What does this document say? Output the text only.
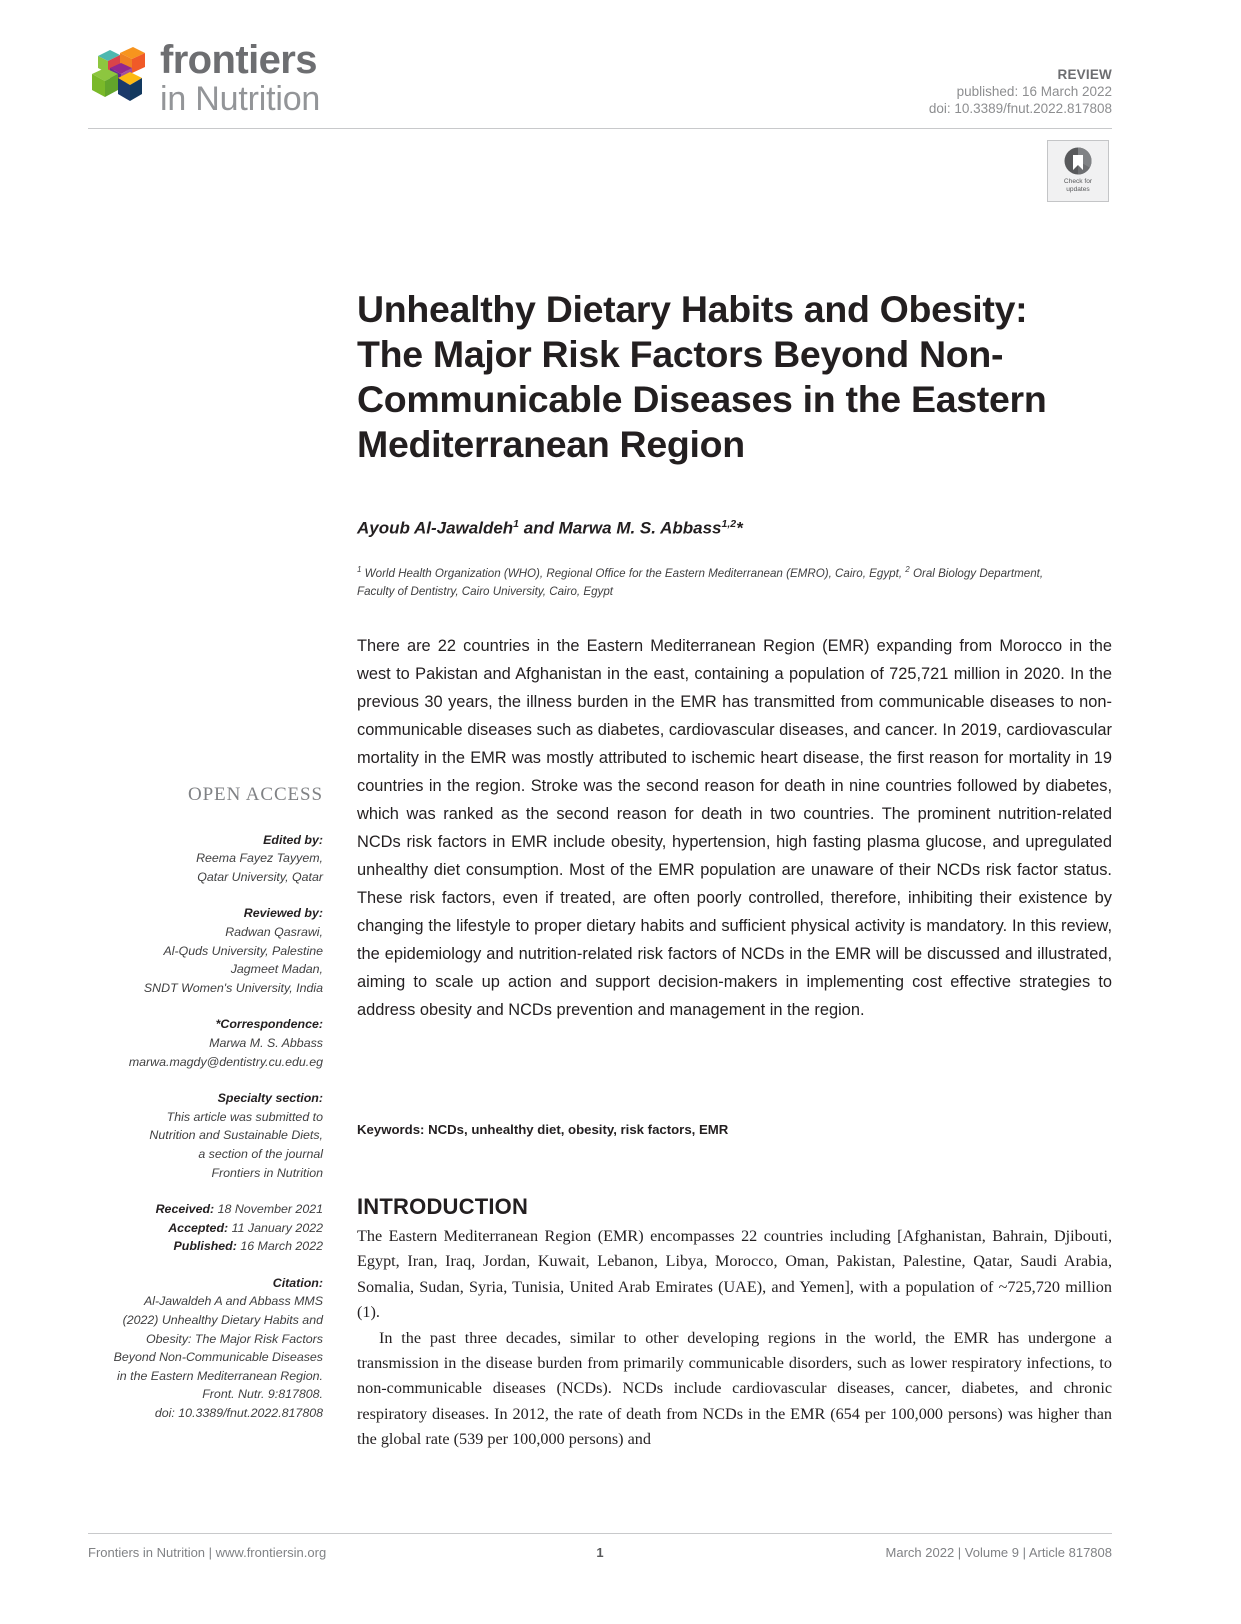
frontiers
in Nutrition
REVIEW
published: 16 March 2022
doi: 10.3389/fnut.2022.817808
Check for
updates
Unhealthy Dietary Habits and Obesity: The Major Risk Factors Beyond Non-Communicable Diseases in the Eastern Mediterranean Region
Ayoub Al-Jawaldeh$^1$ and Marwa M. S. Abbass$^{1,2}$*
$^1$ World Health Organization (WHO), Regional Office for the Eastern Mediterranean (EMRO), Cairo, Egypt, $^2$ Oral Biology Department, Faculty of Dentistry, Cairo University, Cairo, Egypt
OPEN ACCESS
Edited by:
Reema Fayez Tayyem,
Qatar University, Qatar
Reviewed by:
Radwan Qasrawi,
Al-Quds University, Palestine
Jagmeet Madan,
SNDT Women's University, India
*Correspondence:
Marwa M. S. Abbass
marwa.magdy@dentistry.cu.edu.eg
Specialty section:
This article was submitted to
Nutrition and Sustainable Diets,
a section of the journal
Frontiers in Nutrition
Received: 18 November 2021
Accepted: 11 January 2022
Published: 16 March 2022
Citation:
Al-Jawaldeh A and Abbass MMS
(2022) Unhealthy Dietary Habits and
Obesity: The Major Risk Factors
Beyond Non-Communicable Diseases
in the Eastern Mediterranean Region.
Front. Nutr. 9:817808.
doi: 10.3389/fnut.2022.817808
There are 22 countries in the Eastern Mediterranean Region (EMR) expanding from Morocco in the west to Pakistan and Afghanistan in the east, containing a population of 725,721 million in 2020. In the previous 30 years, the illness burden in the EMR has transmitted from communicable diseases to non-communicable diseases such as diabetes, cardiovascular diseases, and cancer. In 2019, cardiovascular mortality in the EMR was mostly attributed to ischemic heart disease, the first reason for mortality in 19 countries in the region. Stroke was the second reason for death in nine countries followed by diabetes, which was ranked as the second reason for death in two countries. The prominent nutrition-related NCDs risk factors in EMR include obesity, hypertension, high fasting plasma glucose, and upregulated unhealthy diet consumption. Most of the EMR population are unaware of their NCDs risk factor status. These risk factors, even if treated, are often poorly controlled, therefore, inhibiting their existence by changing the lifestyle to proper dietary habits and sufficient physical activity is mandatory. In this review, the epidemiology and nutrition-related risk factors of NCDs in the EMR will be discussed and illustrated, aiming to scale up action and support decision-makers in implementing cost effective strategies to address obesity and NCDs prevention and management in the region.
Keywords: NCDs, unhealthy diet, obesity, risk factors, EMR
INTRODUCTION

The Eastern Mediterranean Region (EMR) encompasses 22 countries including [Afghanistan, Bahrain, Djibouti, Egypt, Iran, Iraq, Jordan, Kuwait, Lebanon, Libya, Morocco, Oman, Pakistan, Palestine, Qatar, Saudi Arabia, Somalia, Sudan, Syria, Tunisia, United Arab Emirates (UAE), and Yemen], with a population of ~725,720 million (1).

In the past three decades, similar to other developing regions in the world, the EMR has undergone a transmission in the disease burden from primarily communicable disorders, such as lower respiratory infections, to non-communicable diseases (NCDs). NCDs include cardiovascular diseases, cancer, diabetes, and chronic respiratory diseases. In 2012, the rate of death from NCDs in the EMR (654 per 100,000 persons) was higher than the global rate (539 per 100,000 persons) and

Frontiers in Nutrition | www.frontiersin.org	1	March 2022 | Volume 9 | Article 817808
